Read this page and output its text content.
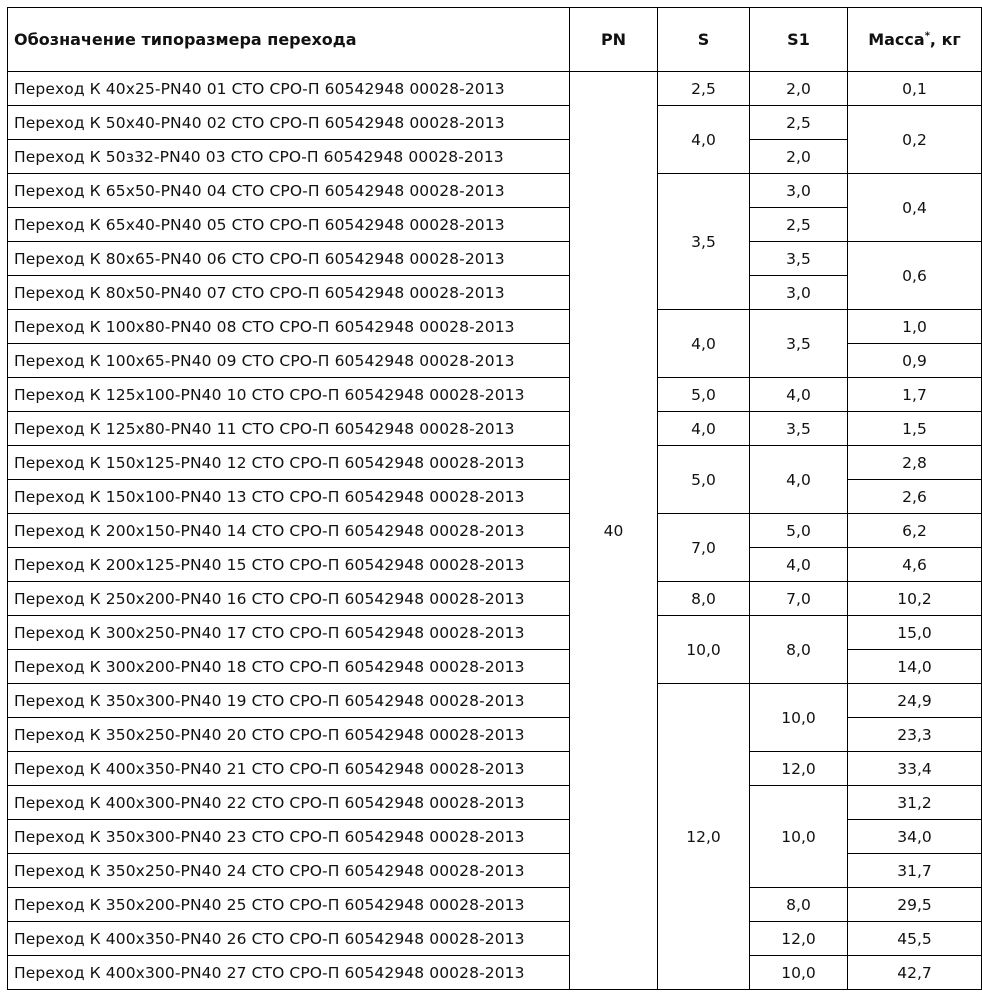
Обозначение типоразмера перехода	PN	S	S1	Масса*, кг
Переход К 40х25-PN40 01 СТО СРО-П 60542948 00028-2013	40	2,5	2,0	0,1
Переход К 50х40-PN40 02 СТО СРО-П 60542948 00028-2013		4,0	2,5	0,2
Переход К 50з32-PN40 03 СТО СРО-П 60542948 00028-2013			2,0	
Переход К 65х50-PN40 04 СТО СРО-П 60542948 00028-2013		3,5	3,0	0,4
Переход К 65х40-PN40 05 СТО СРО-П 60542948 00028-2013			2,5	
Переход К 80х65-PN40 06 СТО СРО-П 60542948 00028-2013			3,5	0,6
Переход К 80х50-PN40 07 СТО СРО-П 60542948 00028-2013			3,0	
Переход К 100х80-PN40 08 СТО СРО-П 60542948 00028-2013		4,0	3,5	1,0
Переход К 100х65-PN40 09 СТО СРО-П 60542948 00028-2013				0,9
Переход К 125х100-PN40 10 СТО СРО-П 60542948 00028-2013		5,0	4,0	1,7
Переход К 125х80-PN40 11 СТО СРО-П 60542948 00028-2013		4,0	3,5	1,5
Переход К 150х125-PN40 12 СТО СРО-П 60542948 00028-2013		5,0	4,0	2,8
Переход К 150х100-PN40 13 СТО СРО-П 60542948 00028-2013				2,6
Переход К 200х150-PN40 14 СТО СРО-П 60542948 00028-2013		7,0	5,0	6,2
Переход К 200х125-PN40 15 СТО СРО-П 60542948 00028-2013			4,0	4,6
Переход К 250х200-PN40 16 СТО СРО-П 60542948 00028-2013		8,0	7,0	10,2
Переход К 300х250-PN40 17 СТО СРО-П 60542948 00028-2013		10,0	8,0	15,0
Переход К 300х200-PN40 18 СТО СРО-П 60542948 00028-2013				14,0
Переход К 350х300-PN40 19 СТО СРО-П 60542948 00028-2013		12,0	10,0	24,9
Переход К 350х250-PN40 20 СТО СРО-П 60542948 00028-2013				23,3
Переход К 400х350-PN40 21 СТО СРО-П 60542948 00028-2013			12,0	33,4
Переход К 400х300-PN40 22 СТО СРО-П 60542948 00028-2013			10,0	31,2
Переход К 350х300-PN40 23 СТО СРО-П 60542948 00028-2013				34,0
Переход К 350х250-PN40 24 СТО СРО-П 60542948 00028-2013				31,7
Переход К 350х200-PN40 25 СТО СРО-П 60542948 00028-2013			8,0	29,5
Переход К 400х350-PN40 26 СТО СРО-П 60542948 00028-2013			12,0	45,5
Переход К 400х300-PN40 27 СТО СРО-П 60542948 00028-2013			10,0	42,7
